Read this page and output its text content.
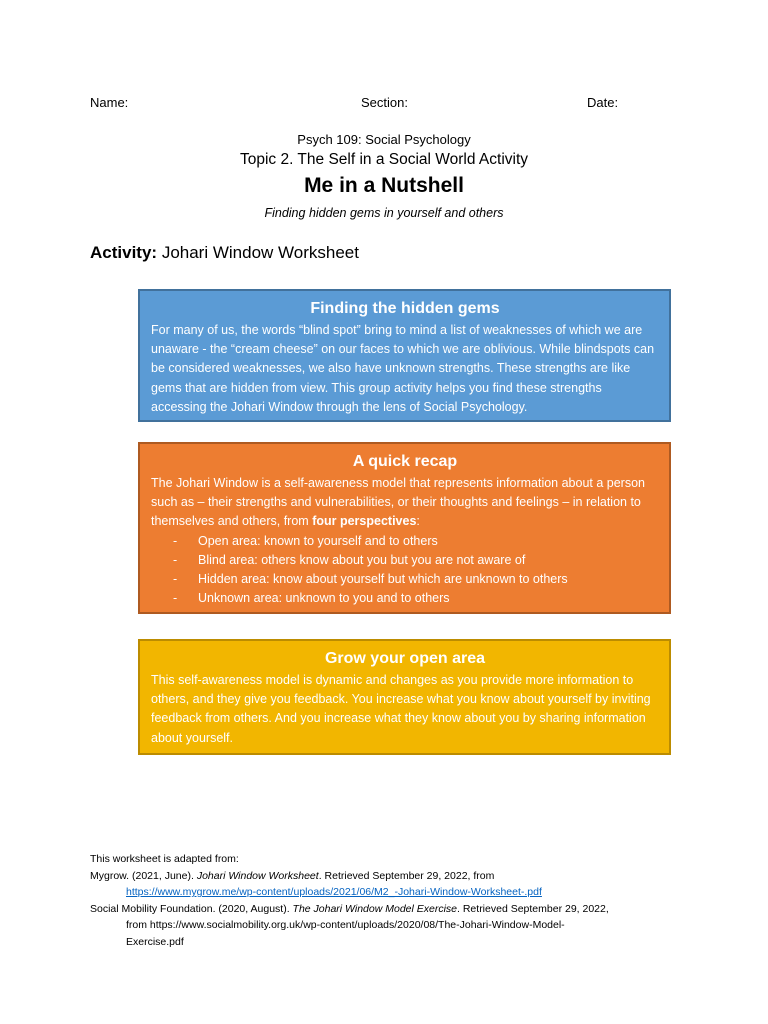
Name:	Section:	Date:
Psych 109: Social Psychology
Topic 2. The Self in a Social World Activity
Me in a Nutshell
Finding hidden gems in yourself and others
Activity: Johari Window Worksheet
Finding the hidden gems

For many of us, the words “blind spot” bring to mind a list of weaknesses of which we are unaware - the “cream cheese” on our faces to which we are oblivious. While blindspots can be considered weaknesses, we also have unknown strengths. These strengths are like gems that are hidden from view. This group activity helps you find these strengths accessing the Johari Window through the lens of Social Psychology.

A quick recap

The Johari Window is a self-awareness model that represents information about a person such as – their strengths and vulnerabilities, or their thoughts and feelings – in relation to themselves and others, from four perspectives:

- Open area: known to yourself and to others
- Blind area: others know about you but you are not aware of
- Hidden area: know about yourself but which are unknown to others
- Unknown area: unknown to you and to others
Grow your open area

This self-awareness model is dynamic and changes as you provide more information to others, and they give you feedback. You increase what you know about yourself by inviting feedback from others. And you increase what they know about you by sharing information about yourself.

This worksheet is adapted from:
Mygrow. (2021, June). Johari Window Worksheet. Retrieved September 29, 2022, from
https://www.mygrow.me/wp-content/uploads/2021/06/M2_-Johari-Window-Worksheet-.pdf
Social Mobility Foundation. (2020, August). The Johari Window Model Exercise. Retrieved September 29, 2022,
from https://www.socialmobility.org.uk/wp-content/uploads/2020/08/The-Johari-Window-Model-
Exercise.pdf
